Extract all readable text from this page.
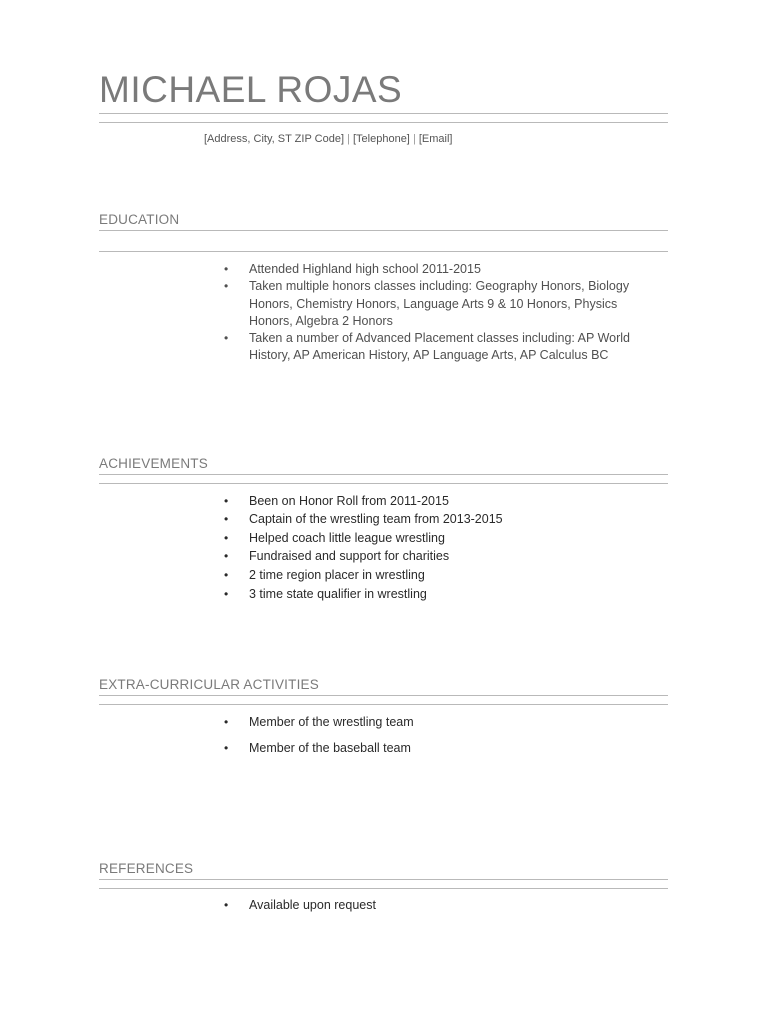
MICHAEL ROJAS
[Address, City, ST ZIP Code] | [Telephone] | [Email]
EDUCATION
• Attended Highland high school 2011-2015
• Taken multiple honors classes including: Geography Honors, Biology Honors, Chemistry Honors, Language Arts 9 & 10 Honors, Physics Honors, Algebra 2 Honors
• Taken a number of Advanced Placement classes including: AP World History, AP American History, AP Language Arts, AP Calculus BC
ACHIEVEMENTS
• Been on Honor Roll from 2011-2015
• Captain of the wrestling team from 2013-2015
• Helped coach little league wrestling
• Fundraised and support for charities
• 2 time region placer in wrestling
• 3 time state qualifier in wrestling
EXTRA-CURRICULAR ACTIVITIES
• Member of the wrestling team
• Member of the baseball team
REFERENCES
• Available upon request
